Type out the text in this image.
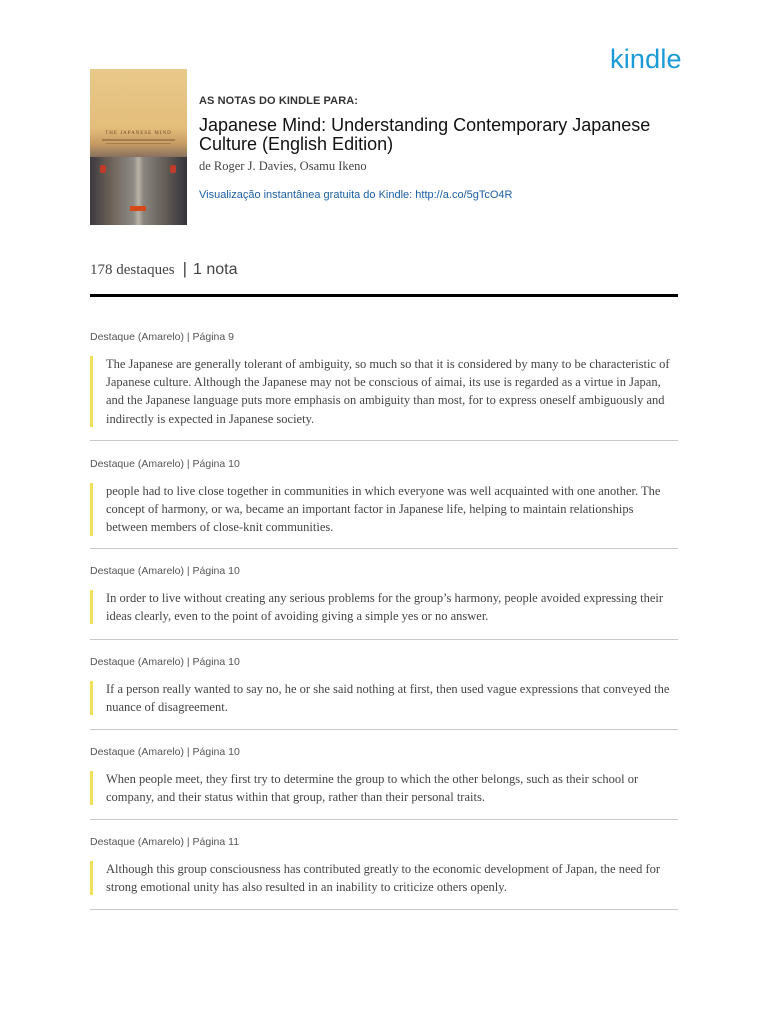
kindle
THE JAPANESE MIND
AS NOTAS DO KINDLE PARA:
Japanese Mind: Understanding Contemporary Japanese Culture (English Edition)
de Roger J. Davies, Osamu Ikeno
Visualização instantânea gratuita do Kindle: http://a.co/5gTcO4R
178 destaques | 1 nota
Destaque (Amarelo) | Página 9
The Japanese are generally tolerant of ambiguity, so much so that it is considered by many to be characteristic of Japanese culture. Although the Japanese may not be conscious of aimai, its use is regarded as a virtue in Japan, and the Japanese language puts more emphasis on ambiguity than most, for to express oneself ambiguously and indirectly is expected in Japanese society.
Destaque (Amarelo) | Página 10
people had to live close together in communities in which everyone was well acquainted with one another. The concept of harmony, or wa, became an important factor in Japanese life, helping to maintain relationships between members of close-knit communities.
Destaque (Amarelo) | Página 10
In order to live without creating any serious problems for the group’s harmony, people avoided expressing their ideas clearly, even to the point of avoiding giving a simple yes or no answer.
Destaque (Amarelo) | Página 10
If a person really wanted to say no, he or she said nothing at first, then used vague expressions that conveyed the nuance of disagreement.
Destaque (Amarelo) | Página 10
When people meet, they first try to determine the group to which the other belongs, such as their school or company, and their status within that group, rather than their personal traits.
Destaque (Amarelo) | Página 11
Although this group consciousness has contributed greatly to the economic development of Japan, the need for strong emotional unity has also resulted in an inability to criticize others openly.
